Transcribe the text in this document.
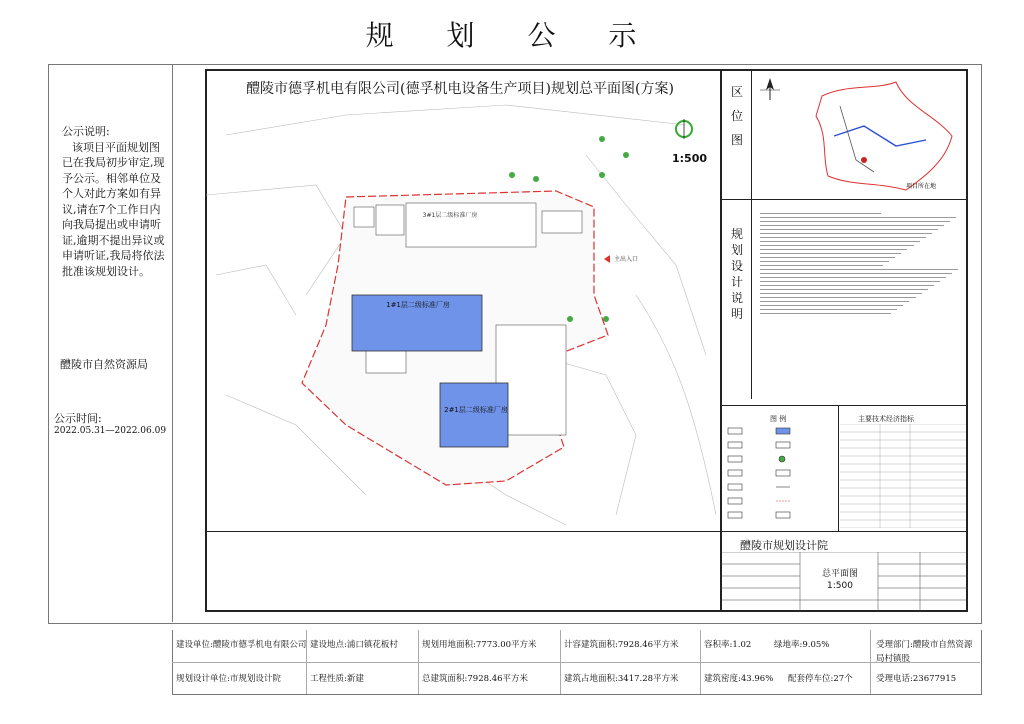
规 划 公 示
公示说明:
该项目平面规划图已在我局初步审定,现予公示。相邻单位及个人对此方案如有异议,请在7个工作日内向我局提出或申请听证,逾期不提出异议或申请听证,我局将依法批准该规划设计。
醴陵市自然资源局
公示时间:
2022.05.31—2022.06.09
醴陵市德孚机电有限公司(德孚机电设备生产项目)规划总平面图(方案)	区位图
规划设计说明
项目所在地
图 例	主要技术经济指标
醴陵市规划设计院
总平面图
1:500
1:500
1#1层二级标准厂房
2#1层二级标准厂房
3#1层二级标准厂房
主出入口
建设单位:醴陵市德孚机电有限公司 建设地点:浦口镇花板村	规划用地面积:7773.00平方米	计容建筑面积:7928.46平方米	容积率:1.02	绿地率:9.05%	受理部门:醴陵市自然资源局村镇股
规划设计单位:市规划设计院	工程性质:新建	总建筑面积:7928.46平方米	建筑占地面积:3417.28平方米	建筑密度:43.96% 配套停车位:27个	受理电话:23677915
